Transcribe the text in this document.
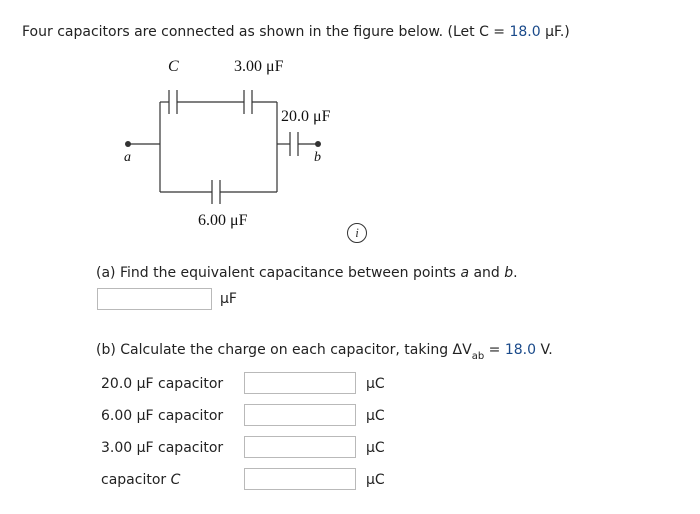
Four capacitors are connected as shown in the figure below. (Let C = 18.0 µF.)
C	3.00 μF
20.0 μF
6.00 μF
a	b
i
(a) Find the equivalent capacitance between points a and b.
µF
(b) Calculate the charge on each capacitor, taking $\Delta V_{ab} = 18.0$ V.
20.0 µF capacitor	µC
6.00 µF capacitor	µC
3.00 µF capacitor	µC
capacitor C	µC
